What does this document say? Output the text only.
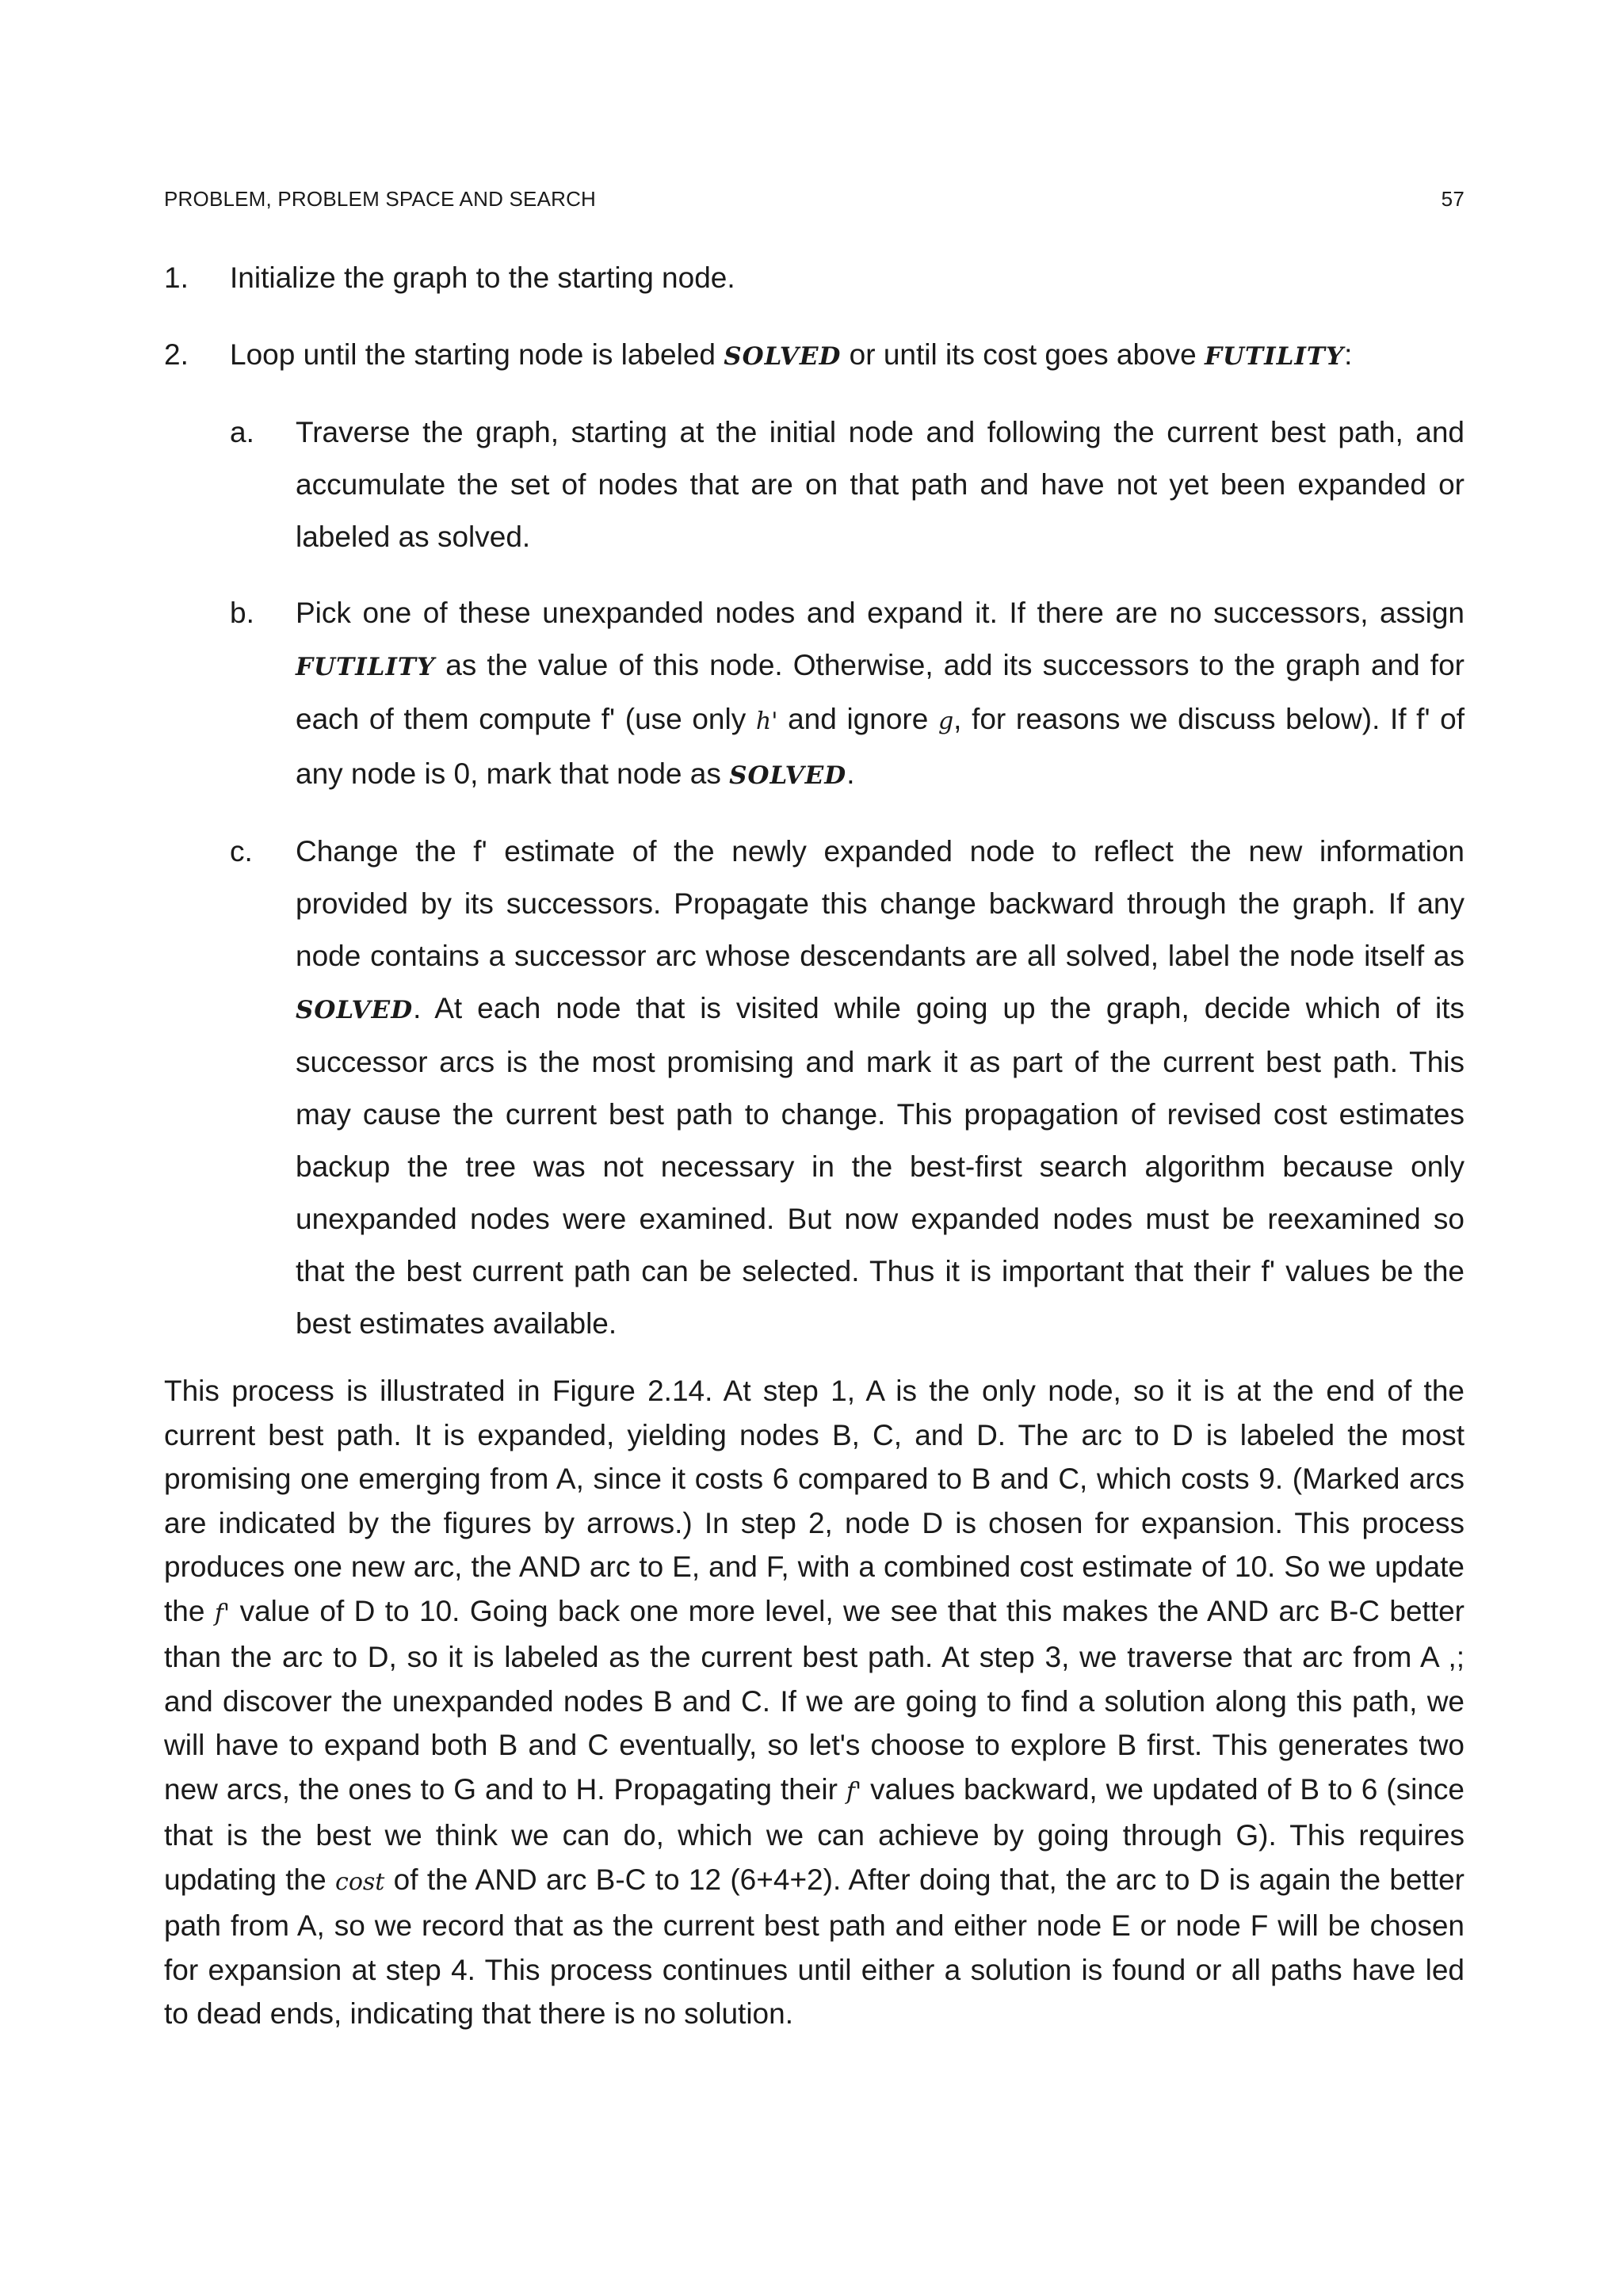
PROBLEM, PROBLEM SPACE AND SEARCH	57
1. Initialize the graph to the starting node.
2. Loop until the starting node is labeled SOLVED or until its cost goes above FUTILITY:
a. Traverse the graph, starting at the initial node and following the current best path, and accumulate the set of nodes that are on that path and have not yet been expanded or labeled as solved.
b. Pick one of these unexpanded nodes and expand it. If there are no successors, assign FUTILITY as the value of this node. Otherwise, add its successors to the graph and for each of them compute f' (use only h' and ignore g, for reasons we discuss below). If f' of any node is 0, mark that node as SOLVED.
c. Change the f' estimate of the newly expanded node to reflect the new information provided by its successors. Propagate this change backward through the graph. If any node contains a successor arc whose descendants are all solved, label the node itself as SOLVED. At each node that is visited while going up the graph, decide which of its successor arcs is the most promising and mark it as part of the current best path. This may cause the current best path to change. This propagation of revised cost estimates backup the tree was not necessary in the best-first search algorithm because only unexpanded nodes were examined. But now expanded nodes must be reexamined so that the best current path can be selected. Thus it is important that their f' values be the best estimates available.
This process is illustrated in Figure 2.14. At step 1, A is the only node, so it is at the end of the current best path. It is expanded, yielding nodes B, C, and D. The arc to D is labeled the most promising one emerging from A, since it costs 6 compared to B and C, which costs 9. (Marked arcs are indicated by the figures by arrows.) In step 2, node D is chosen for expansion. This process produces one new arc, the AND arc to E, and F, with a combined cost estimate of 10. So we update the f' value of D to 10. Going back one more level, we see that this makes the AND arc B-C better than the arc to D, so it is labeled as the current best path. At step 3, we traverse that arc from A ,; and discover the unexpanded nodes B and C. If we are going to find a solution along this path, we will have to expand both B and C eventually, so let's choose to explore B first. This generates two new arcs, the ones to G and to H. Propagating their f' values backward, we updated of B to 6 (since that is the best we think we can do, which we can achieve by going through G). This requires updating the cost of the AND arc B-C to 12 (6+4+2). After doing that, the arc to D is again the better path from A, so we record that as the current best path and either node E or node F will be chosen for expansion at step 4. This process continues until either a solution is found or all paths have led to dead ends, indicating that there is no solution.
